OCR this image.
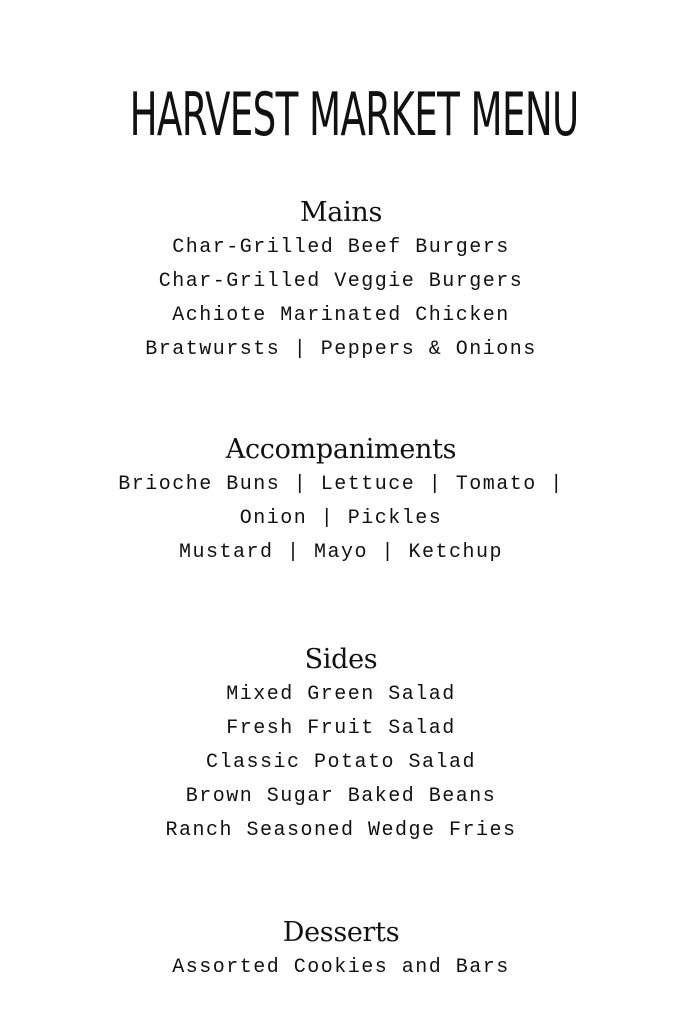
HARVEST MARKET MENU
Mains
Char-Grilled Beef Burgers
Char-Grilled Veggie Burgers
Achiote Marinated Chicken
Bratwursts | Peppers & Onions
Accompaniments
Brioche Buns | Lettuce | Tomato |
Onion | Pickles
Mustard | Mayo | Ketchup
Sides
Mixed Green Salad
Fresh Fruit Salad
Classic Potato Salad
Brown Sugar Baked Beans
Ranch Seasoned Wedge Fries
Desserts
Assorted Cookies and Bars
